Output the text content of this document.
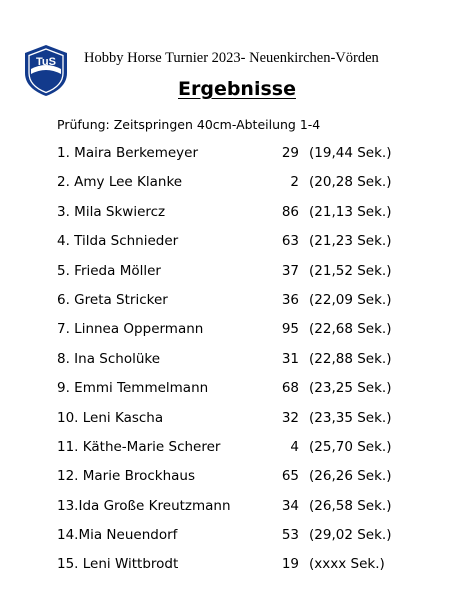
TuS Hobby Horse Turnier 2023- Neuenkirchen-Vörden
Ergebnisse
Prüfung: Zeitspringen 40cm-Abteilung 1-4
1. Maira Berkemeyer	29 (19,44 Sek.)
2. Amy Lee Klanke	2 (20,28 Sek.)
3. Mila Skwiercz	86 (21,13 Sek.)
4. Tilda Schnieder	63 (21,23 Sek.)
5. Frieda Möller	37 (21,52 Sek.)
6. Greta Stricker	36 (22,09 Sek.)
7. Linnea Oppermann	95 (22,68 Sek.)
8. Ina Scholüke	31 (22,88 Sek.)
9. Emmi Temmelmann	68 (23,25 Sek.)
10. Leni Kascha	32 (23,35 Sek.)
11. Käthe-Marie Scherer	4 (25,70 Sek.)
12. Marie Brockhaus	65 (26,26 Sek.)
13.Ida Große Kreutzmann	34 (26,58 Sek.)
14.Mia Neuendorf	53 (29,02 Sek.)
15. Leni Wittbrodt	19 (xxxx Sek.)
